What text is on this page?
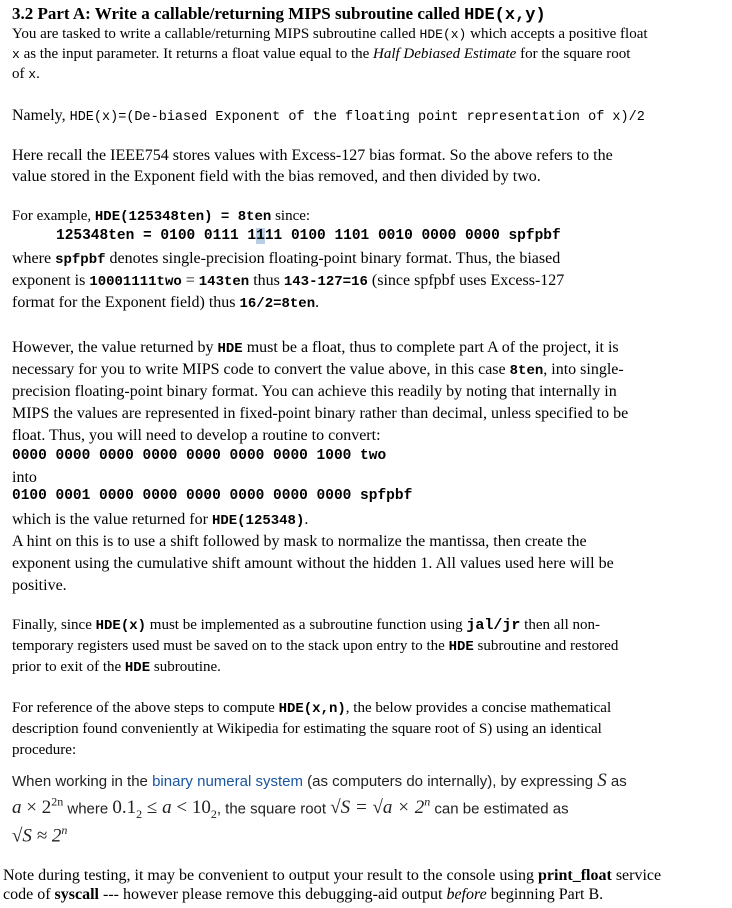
3.2 Part A: Write a callable/returning MIPS subroutine called HDE(x,y)
You are tasked to write a callable/returning MIPS subroutine called HDE(x) which accepts a positive float
x as the input parameter. It returns a float value equal to the Half Debiased Estimate for the square root
of x.
Namely, HDE(x)=(De-biased Exponent of the floating point representation of x)/2
Here recall the IEEE754 stores values with Excess-127 bias format. So the above refers to the
value stored in the Exponent field with the bias removed, and then divided by two.
For example, HDE(125348ten) = 8ten since:
125348ten = 0100 0111 1111 0100 1101 0010 0000 0000 spfpbf
where spfpbf denotes single-precision floating-point binary format. Thus, the biased
exponent is 10001111two = 143ten thus 143-127=16 (since spfpbf uses Excess-127
format for the Exponent field) thus 16/2=8ten.
However, the value returned by HDE must be a float, thus to complete part A of the project, it is
necessary for you to write MIPS code to convert the value above, in this case 8ten, into single-
precision floating-point binary format. You can achieve this readily by noting that internally in
MIPS the values are represented in fixed-point binary rather than decimal, unless specified to be
float. Thus, you will need to develop a routine to convert:
0000 0000 0000 0000 0000 0000 0000 1000 two
into
0100 0001 0000 0000 0000 0000 0000 0000 spfpbf
which is the value returned for HDE(125348).
A hint on this is to use a shift followed by mask to normalize the mantissa, then create the
exponent using the cumulative shift amount without the hidden 1. All values used here will be
positive.
Finally, since HDE(x) must be implemented as a subroutine function using jal/jr then all non-
temporary registers used must be saved on to the stack upon entry to the HDE subroutine and restored
prior to exit of the HDE subroutine.
For reference of the above steps to compute HDE(x,n), the below provides a concise mathematical
description found conveniently at Wikipedia for estimating the square root of S) using an identical
procedure:
When working in the binary numeral system (as computers do internally), by expressing S as
$a \times 2^{2n}$ where $0.1_2 \le a < 10_2$, the square root $√S = √a \times 2^n$ can be estimated as
$√S \approx 2^n$
Note during testing, it may be convenient to output your result to the console using print_float service
code of syscall --- however please remove this debugging-aid output before beginning Part B.
